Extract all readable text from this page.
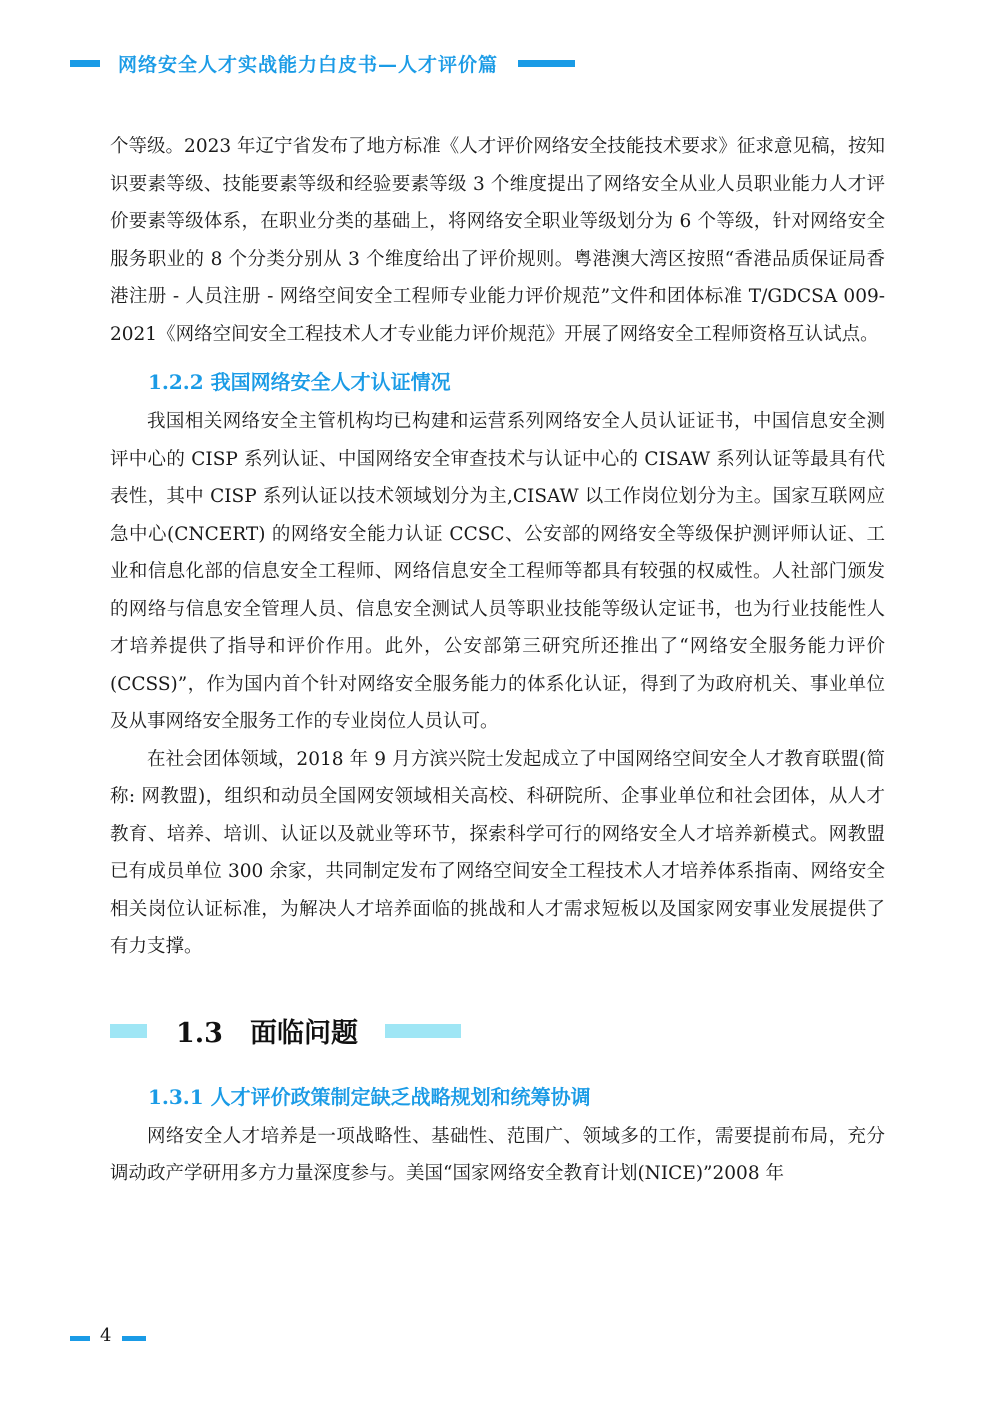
网络安全人才实战能力白皮书—人才评价篇

个等级。2023 年辽宁省发布了地方标准《人才评价网络安全技能技术要求》征求意见稿，按知识要素等级、技能要素等级和经验要素等级 3 个维度提出了网络安全从业人员职业能力人才评价要素等级体系，在职业分类的基础上，将网络安全职业等级划分为 6 个等级，针对网络安全服务职业的 8 个分类分别从 3 个维度给出了评价规则。粤港澳大湾区按照“香港品质保证局香港注册 - 人员注册 - 网络空间安全工程师专业能力评价规范”文件和团体标准 T/GDCSA 009-2021《网络空间安全工程技术人才专业能力评价规范》开展了网络安全工程师资格互认试点。

1.2.2 我国网络安全人才认证情况

我国相关网络安全主管机构均已构建和运营系列网络安全人员认证证书，中国信息安全测评中心的 CISP 系列认证、中国网络安全审查技术与认证中心的 CISAW 系列认证等最具有代表性，其中 CISP 系列认证以技术领域划分为主,CISAW 以工作岗位划分为主。国家互联网应急中心(CNCERT) 的网络安全能力认证 CCSC、公安部的网络安全等级保护测评师认证、工业和信息化部的信息安全工程师、网络信息安全工程师等都具有较强的权威性。人社部门颁发的网络与信息安全管理人员、信息安全测试人员等职业技能等级认定证书，也为行业技能性人才培养提供了指导和评价作用。此外，公安部第三研究所还推出了“网络安全服务能力评价(CCSS)”，作为国内首个针对网络安全服务能力的体系化认证，得到了为政府机关、事业单位及从事网络安全服务工作的专业岗位人员认可。

在社会团体领域，2018 年 9 月方滨兴院士发起成立了中国网络空间安全人才教育联盟(简称: 网教盟)，组织和动员全国网安领域相关高校、科研院所、企事业单位和社会团体，从人才教育、培养、培训、认证以及就业等环节，探索科学可行的网络安全人才培养新模式。网教盟已有成员单位 300 余家，共同制定发布了网络空间安全工程技术人才培养体系指南、网络安全相关岗位认证标准，为解决人才培养面临的挑战和人才需求短板以及国家网安事业发展提供了有力支撑。

1.3　面临问题
1.3.1 人才评价政策制定缺乏战略规划和统筹协调

网络安全人才培养是一项战略性、基础性、范围广、领域多的工作，需要提前布局，充分调动政产学研用多方力量深度参与。美国“国家网络安全教育计划(NICE)”2008 年

4
